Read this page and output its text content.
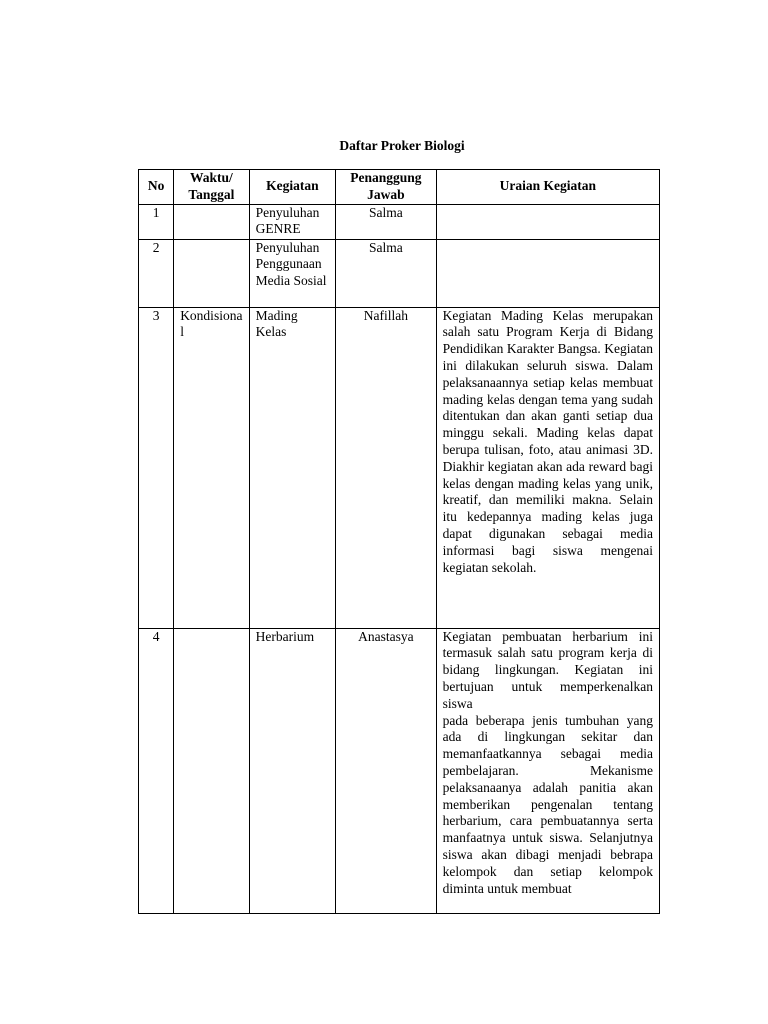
Daftar Proker Biologi
No	Waktu/ Tanggal	Kegiatan	Penanggung Jawab	Uraian Kegiatan
1		Penyuluhan GENRE	Salma	
2		Penyuluhan Penggunaan Media Sosial	Salma	
3	Kondisional	Mading Kelas	Nafillah	Kegiatan Mading Kelas merupakan salah satu Program Kerja di Bidang Pendidikan Karakter Bangsa. Kegiatan ini dilakukan seluruh siswa. Dalam pelaksanaannya setiap kelas membuat mading kelas dengan tema yang sudah ditentukan dan akan ganti setiap dua minggu sekali. Mading kelas dapat berupa tulisan, foto, atau animasi 3D. Diakhir kegiatan akan ada reward bagi kelas dengan mading kelas yang unik, kreatif, dan memiliki makna. Selain itu kedepannya mading kelas juga dapat digunakan sebagai media informasi bagi siswa mengenai kegiatan sekolah.
4		Herbarium	Anastasya	Kegiatan pembuatan herbarium ini termasuk salah satu program kerja di bidang lingkungan. Kegiatan ini bertujuan untuk memperkenalkan siswa

pada beberapa jenis tumbuhan yang ada di lingkungan sekitar dan memanfaatkannya sebagai media pembelajaran. Mekanisme pelaksanaanya adalah panitia akan memberikan pengenalan tentang herbarium, cara pembuatannya serta manfaatnya untuk siswa. Selanjutnya siswa akan dibagi menjadi bebrapa kelompok dan setiap kelompok diminta untuk membuat
